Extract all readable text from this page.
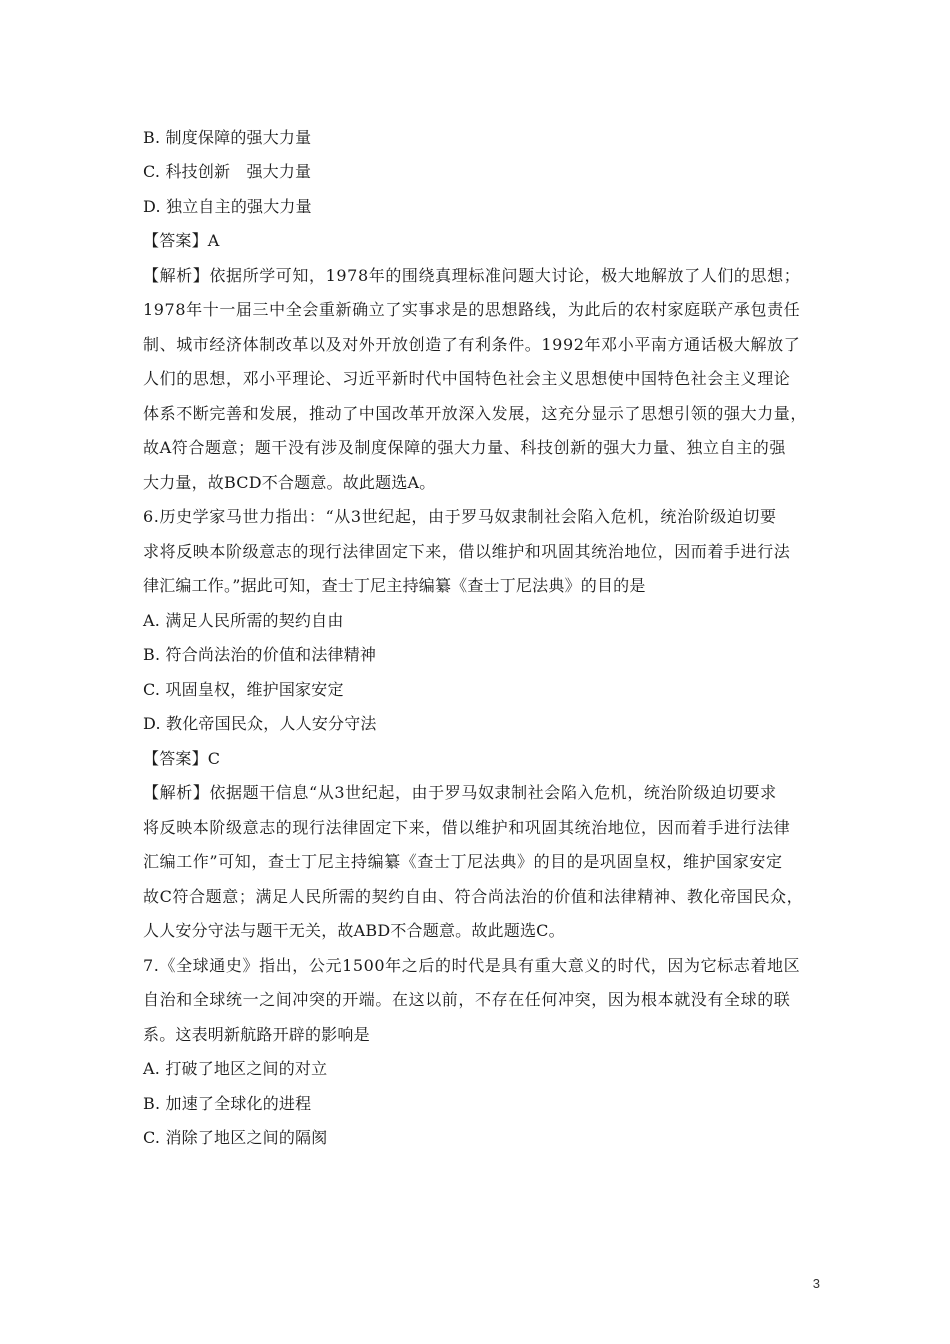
B. 制度保障的强大力量
C. 科技创新　强大力量
D. 独立自主的强大力量
【答案】A
【解析】依据所学可知，1978年的围绕真理标准问题大讨论，极大地解放了人们的思想；
1978年十一届三中全会重新确立了实事求是的思想路线，为此后的农村家庭联产承包责任
制、城市经济体制改革以及对外开放创造了有利条件。1992年邓小平南方通话极大解放了
人们的思想，邓小平理论、习近平新时代中国特色社会主义思想使中国特色社会主义理论
体系不断完善和发展，推动了中国改革开放深入发展，这充分显示了思想引领的强大力量，
故A符合题意；题干没有涉及制度保障的强大力量、科技创新的强大力量、独立自主的强
大力量，故BCD不合题意。故此题选A。
6.历史学家马世力指出：“从3世纪起，由于罗马奴隶制社会陷入危机，统治阶级迫切要
求将反映本阶级意志的现行法律固定下来，借以维护和巩固其统治地位，因而着手进行法
律汇编工作。”据此可知，查士丁尼主持编纂《查士丁尼法典》的目的是
A. 满足人民所需的契约自由
B. 符合尚法治的价值和法律精神
C. 巩固皇权，维护国家安定
D. 教化帝国民众，人人安分守法
【答案】C
【解析】依据题干信息“从3世纪起，由于罗马奴隶制社会陷入危机，统治阶级迫切要求
将反映本阶级意志的现行法律固定下来，借以维护和巩固其统治地位，因而着手进行法律
汇编工作”可知，查士丁尼主持编纂《查士丁尼法典》的目的是巩固皇权，维护国家安定
故C符合题意；满足人民所需的契约自由、符合尚法治的价值和法律精神、教化帝国民众，
人人安分守法与题干无关，故ABD不合题意。故此题选C。
7.《全球通史》指出，公元1500年之后的时代是具有重大意义的时代，因为它标志着地区
自治和全球统一之间冲突的开端。在这以前，不存在任何冲突，因为根本就没有全球的联
系。这表明新航路开辟的影响是
A. 打破了地区之间的对立
B. 加速了全球化的进程
C. 消除了地区之间的隔阂
3
